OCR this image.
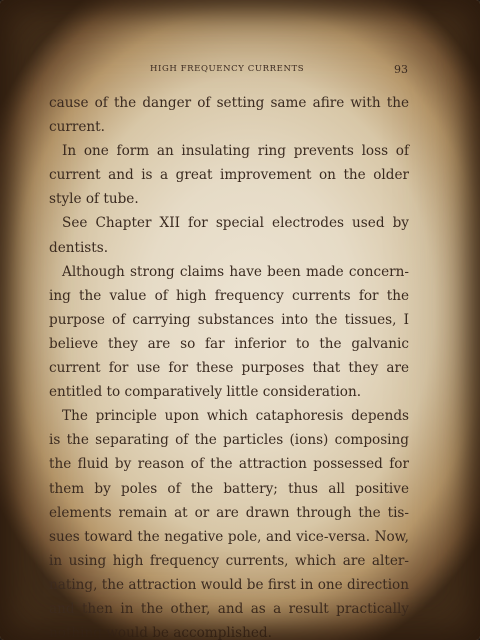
HIGH FREQUENCY CURRENTS	93
cause of the danger of setting same afire with the
current.
In one form an insulating ring prevents loss of
current and is a great improvement on the older
style of tube.
See Chapter XII for special electrodes used by
dentists.
Although strong claims have been made concern-
ing the value of high frequency currents for the
purpose of carrying substances into the tissues, I
believe they are so far inferior to the galvanic
current for use for these purposes that they are
entitled to comparatively little consideration.
The principle upon which cataphoresis depends
is the separating of the particles (ions) composing
the fluid by reason of the attraction possessed for
them by poles of the battery; thus all positive
elements remain at or are drawn through the tis-
sues toward the negative pole, and vice-versa. Now,
in using high frequency currents, which are alter-
nating, the attraction would be first in one direction
and then in the other, and as a result practically
nothing would be accomplished.
